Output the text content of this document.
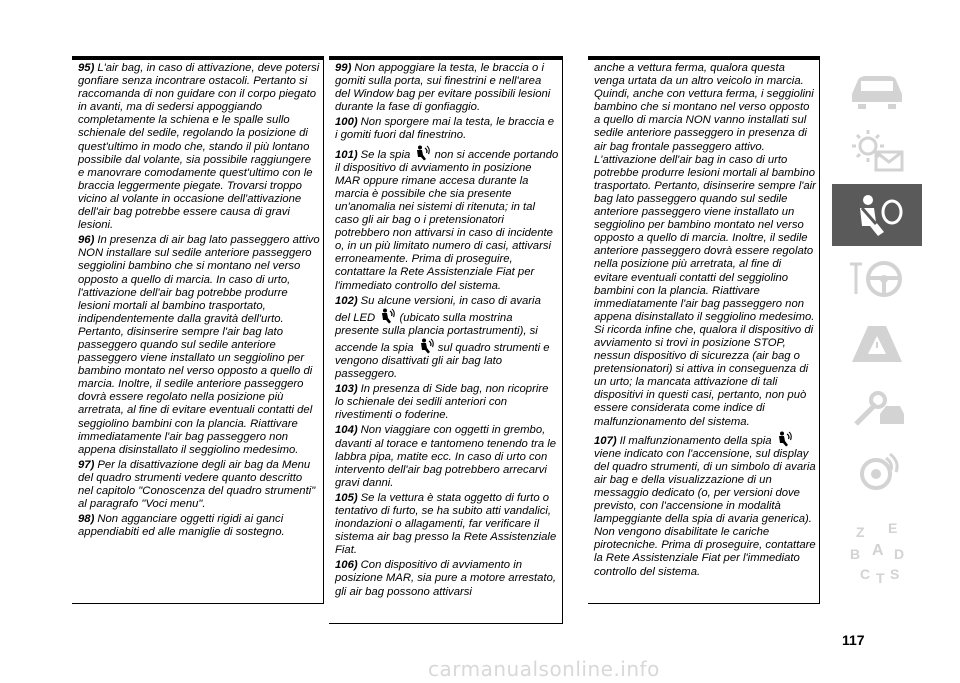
95) L'air bag, in caso di attivazione, deve potersi gonfiare senza incontrare ostacoli. Pertanto si raccomanda di non guidare con il corpo piegato in avanti, ma di sedersi appoggiando completamente la schiena e le spalle sullo schienale del sedile, regolando la posizione di quest'ultimo in modo che, stando il più lontano possibile dal volante, sia possibile raggiungere e manovrare comodamente quest'ultimo con le braccia leggermente piegate. Trovarsi troppo vicino al volante in occasione dell'attivazione dell'air bag potrebbe essere causa di gravi lesioni.
96) In presenza di air bag lato passeggero attivo NON installare sul sedile anteriore passeggero seggiolini bambino che si montano nel verso opposto a quello di marcia. In caso di urto, l'attivazione dell'air bag potrebbe produrre lesioni mortali al bambino trasportato, indipendentemente dalla gravità dell'urto. Pertanto, disinserire sempre l'air bag lato passeggero quando sul sedile anteriore passeggero viene installato un seggiolino per bambino montato nel verso opposto a quello di marcia. Inoltre, il sedile anteriore passeggero dovrà essere regolato nella posizione più arretrata, al fine di evitare eventuali contatti del seggiolino bambini con la plancia. Riattivare immediatamente l'air bag passeggero non appena disinstallato il seggiolino medesimo.
97) Per la disattivazione degli air bag da Menu del quadro strumenti vedere quanto descritto nel capitolo "Conoscenza del quadro strumenti" al paragrafo "Voci menu".
98) Non agganciare oggetti rigidi ai ganci appendiabiti ed alle maniglie di sostegno.
99) Non appoggiare la testa, le braccia o i gomiti sulla porta, sui finestrini e nell'area del Window bag per evitare possibili lesioni durante la fase di gonfiaggio.
100) Non sporgere mai la testa, le braccia e i gomiti fuori dal finestrino.
101) Se la spia  non si accende portando il dispositivo di avviamento in posizione MAR oppure rimane accesa durante la marcia è possibile che sia presente un'anomalia nei sistemi di ritenuta; in tal caso gli air bag o i pretensionatori potrebbero non attivarsi in caso di incidente o, in un più limitato numero di casi, attivarsi erroneamente. Prima di proseguire, contattare la Rete Assistenziale Fiat per l'immediato controllo del sistema.
102) Su alcune versioni, in caso di avaria del LED  (ubicato sulla mostrina presente sulla plancia portastrumenti), si accende la spia  sul quadro strumenti e vengono disattivati gli air bag lato passeggero.
103) In presenza di Side bag, non ricoprire lo schienale dei sedili anteriori con rivestimenti o foderine.
104) Non viaggiare con oggetti in grembo, davanti al torace e tantomeno tenendo tra le labbra pipa, matite ecc. In caso di urto con intervento dell'air bag potrebbero arrecarvi gravi danni.
105) Se la vettura è stata oggetto di furto o tentativo di furto, se ha subito atti vandalici, inondazioni o allagamenti, far verificare il sistema air bag presso la Rete Assistenziale Fiat.
106) Con dispositivo di avviamento in posizione MAR, sia pure a motore arrestato, gli air bag possono attivarsi
anche a vettura ferma, qualora questa venga urtata da un altro veicolo in marcia. Quindi, anche con vettura ferma, i seggiolini bambino che si montano nel verso opposto a quello di marcia NON vanno installati sul sedile anteriore passeggero in presenza di air bag frontale passeggero attivo. L'attivazione dell'air bag in caso di urto potrebbe produrre lesioni mortali al bambino trasportato. Pertanto, disinserire sempre l'air bag lato passeggero quando sul sedile anteriore passeggero viene installato un seggiolino per bambino montato nel verso opposto a quello di marcia. Inoltre, il sedile anteriore passeggero dovrà essere regolato nella posizione più arretrata, al fine di evitare eventuali contatti del seggiolino bambini con la plancia. Riattivare immediatamente l'air bag passeggero non appena disinstallato il seggiolino medesimo. Si ricorda infine che, qualora il dispositivo di avviamento si trovi in posizione STOP, nessun dispositivo di sicurezza (air bag o pretensionatori) si attiva in conseguenza di un urto; la mancata attivazione di tali dispositivi in questi casi, pertanto, non può essere considerata come indice di malfunzionamento del sistema.
107) Il malfunzionamento della spia  viene indicato con l'accensione, sul display del quadro strumenti, di un simbolo di avaria air bag e della visualizzazione di un messaggio dedicato (o, per versioni dove previsto, con l'accensione in modalità lampeggiante della spia di avaria generica). Non vengono disabilitate le cariche pirotecniche. Prima di proseguire, contattare la Rete Assistenziale Fiat per l'immediato controllo del sistema.
Z E
B A D
C T S
117
carmanualsonline.info
